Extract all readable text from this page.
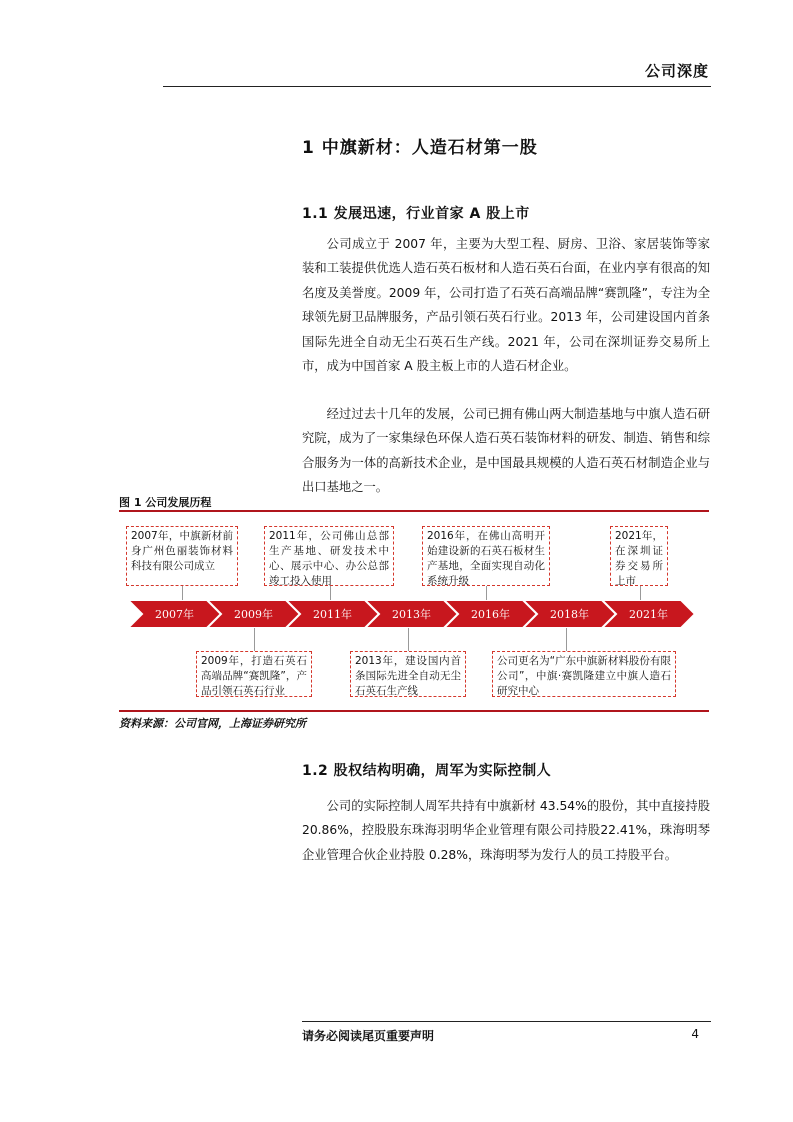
公司深度
1 中旗新材：人造石材第一股
1.1 发展迅速，行业首家 A 股上市

公司成立于 2007 年，主要为大型工程、厨房、卫浴、家居装饰等家装和工装提供优选人造石英石板材和人造石英石台面，在业内享有很高的知名度及美誉度。2009 年，公司打造了石英石高端品牌“赛凯隆”，专注为全球领先厨卫品牌服务，产品引领石英石行业。2013 年，公司建设国内首条国际先进全自动无尘石英石生产线。2021 年，公司在深圳证券交易所上市，成为中国首家 A 股主板上市的人造石材企业。

经过过去十几年的发展，公司已拥有佛山两大制造基地与中旗人造石研究院，成为了一家集绿色环保人造石英石装饰材料的研发、制造、销售和综合服务为一体的高新技术企业，是中国最具规模的人造石英石材制造企业与出口基地之一。

图 1 公司发展历程
2007年	2009年	2011年	2013年	2016年	2018年	2021年
2007年，中旗新材前身广州色丽装饰材料科技有限公司成立
2011年，公司佛山总部生产基地、研发技术中心、展示中心、办公总部竣工投入使用
2016年，在佛山高明开始建设新的石英石板材生产基地，全面实现自动化系统升级
2021年，在深圳证券交易所上市
2009年，打造石英石高端品牌“赛凯隆”，产品引领石英石行业
2013年，建设国内首条国际先进全自动无尘石英石生产线
公司更名为“广东中旗新材料股份有限公司”，中旗·赛凯隆建立中旗人造石研究中心
资料来源：公司官网，上海证券研究所
1.2 股权结构明确，周军为实际控制人

公司的实际控制人周军共持有中旗新材 43.54%的股份，其中直接持股 20.86%，控股股东珠海羽明华企业管理有限公司持股22.41%，珠海明琴企业管理合伙企业持股 0.28%，珠海明琴为发行人的员工持股平台。

请务必阅读尾页重要声明	4
